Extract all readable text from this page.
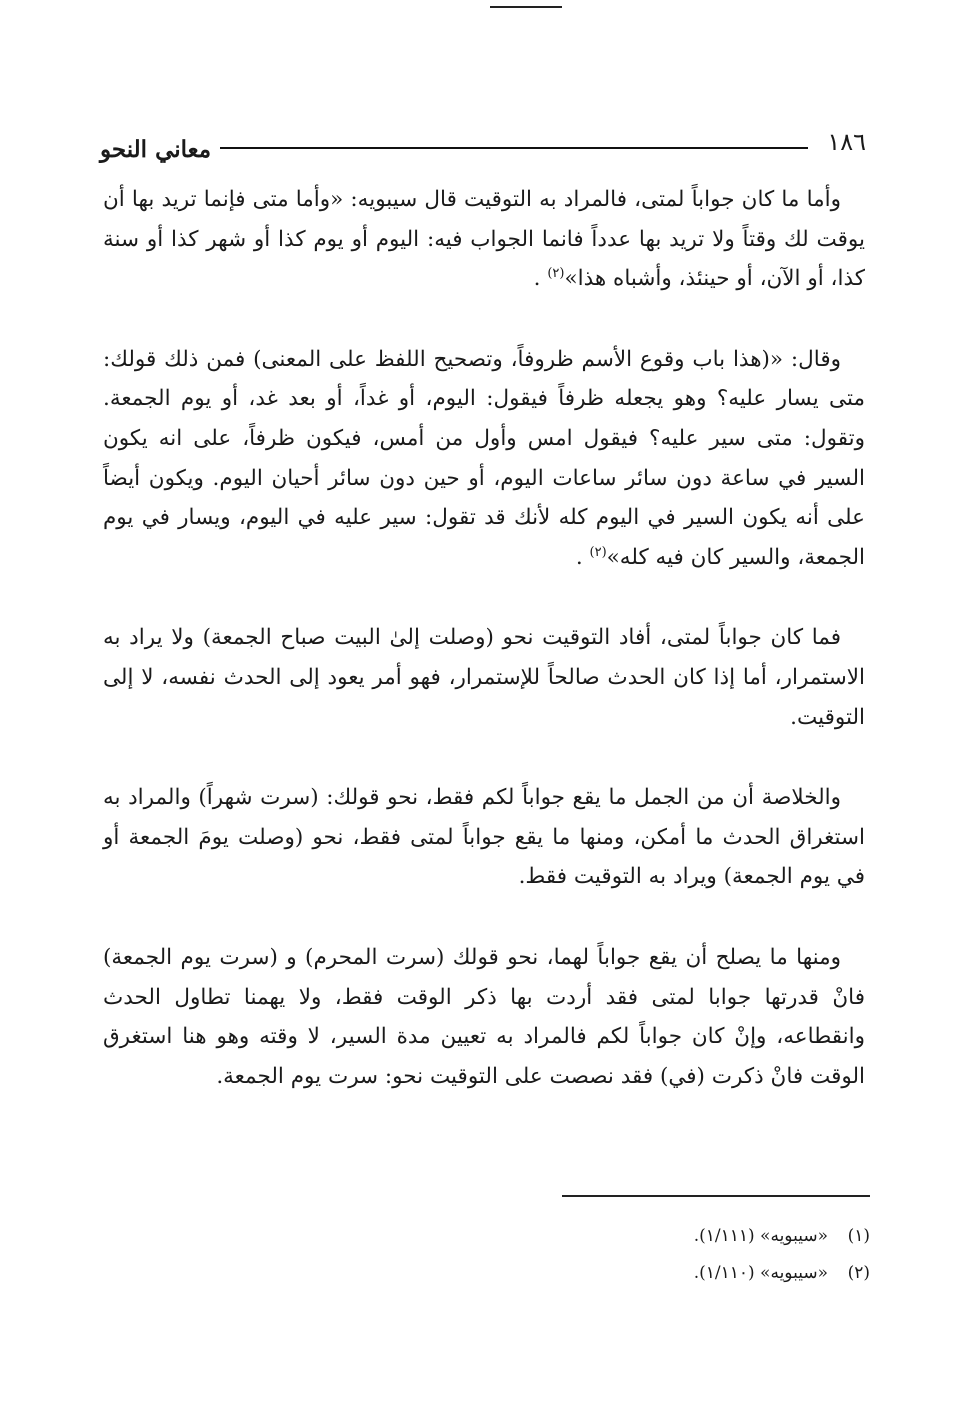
١٨٦
معاني النحو

وأما ما كان جواباً لمتى، فالمراد به التوقيت قال سيبويه: «وأما متى فإنما تريد بها أن يوقت لك وقتاً ولا تريد بها عدداً فانما الجواب فيه: اليوم أو يوم كذا أو شهر كذا أو سنة كذا، أو الآن، أو حينئذ، وأشباه هذا»$^{(٢)}$ .

وقال: «(هذا باب وقوع الأسم ظروفاً، وتصحيح اللفظ على المعنى) فمن ذلك قولك: متى يسار عليه؟ وهو يجعله ظرفاً فيقول: اليوم، أو غداً، أو بعد غد، أو يوم الجمعة. وتقول: متى سير عليه؟ فيقول امس وأول من أمس، فيكون ظرفاً، على انه يكون السير في ساعة دون سائر ساعات اليوم، أو حين دون سائر أحيان اليوم. ويكون أيضاً على أنه يكون السير في اليوم كله لأنك قد تقول: سير عليه في اليوم، ويسار في يوم الجمعة، والسير كان فيه كله»$^{(٢)}$ .

فما كان جواباً لمتى، أفاد التوقيت نحو (وصلت إلىٰ البيت صباح الجمعة) ولا يراد به الاستمرار، أما إذا كان الحدث صالحاً للإستمرار، فهو أمر يعود إلى الحدث نفسه، لا إلى التوقيت.

والخلاصة أن من الجمل ما يقع جواباً لكم فقط، نحو قولك: (سرت شهراً) والمراد به استغراق الحدث ما أمكن، ومنها ما يقع جواباً لمتى فقط، نحو (وصلت يومَ الجمعة أو في يوم الجمعة) ويراد به التوقيت فقط.

ومنها ما يصلح أن يقع جواباً لهما، نحو قولك (سرت المحرم) و (سرت يوم الجمعة) فانْ قدرتها جوابا لمتى فقد أردت بها ذكر الوقت فقط، ولا يهمنا تطاول الحدث وانقطاعه، وإنْ كان جواباً لكم فالمراد به تعيين مدة السير، لا وقته وهو هنا استغرق الوقت فانْ ذكرت (في) فقد نصصت على التوقيت نحو: سرت يوم الجمعة.

(١)
«سيبويه» (١/١١١).
(٢)
«سيبويه» (١/١١٠).
